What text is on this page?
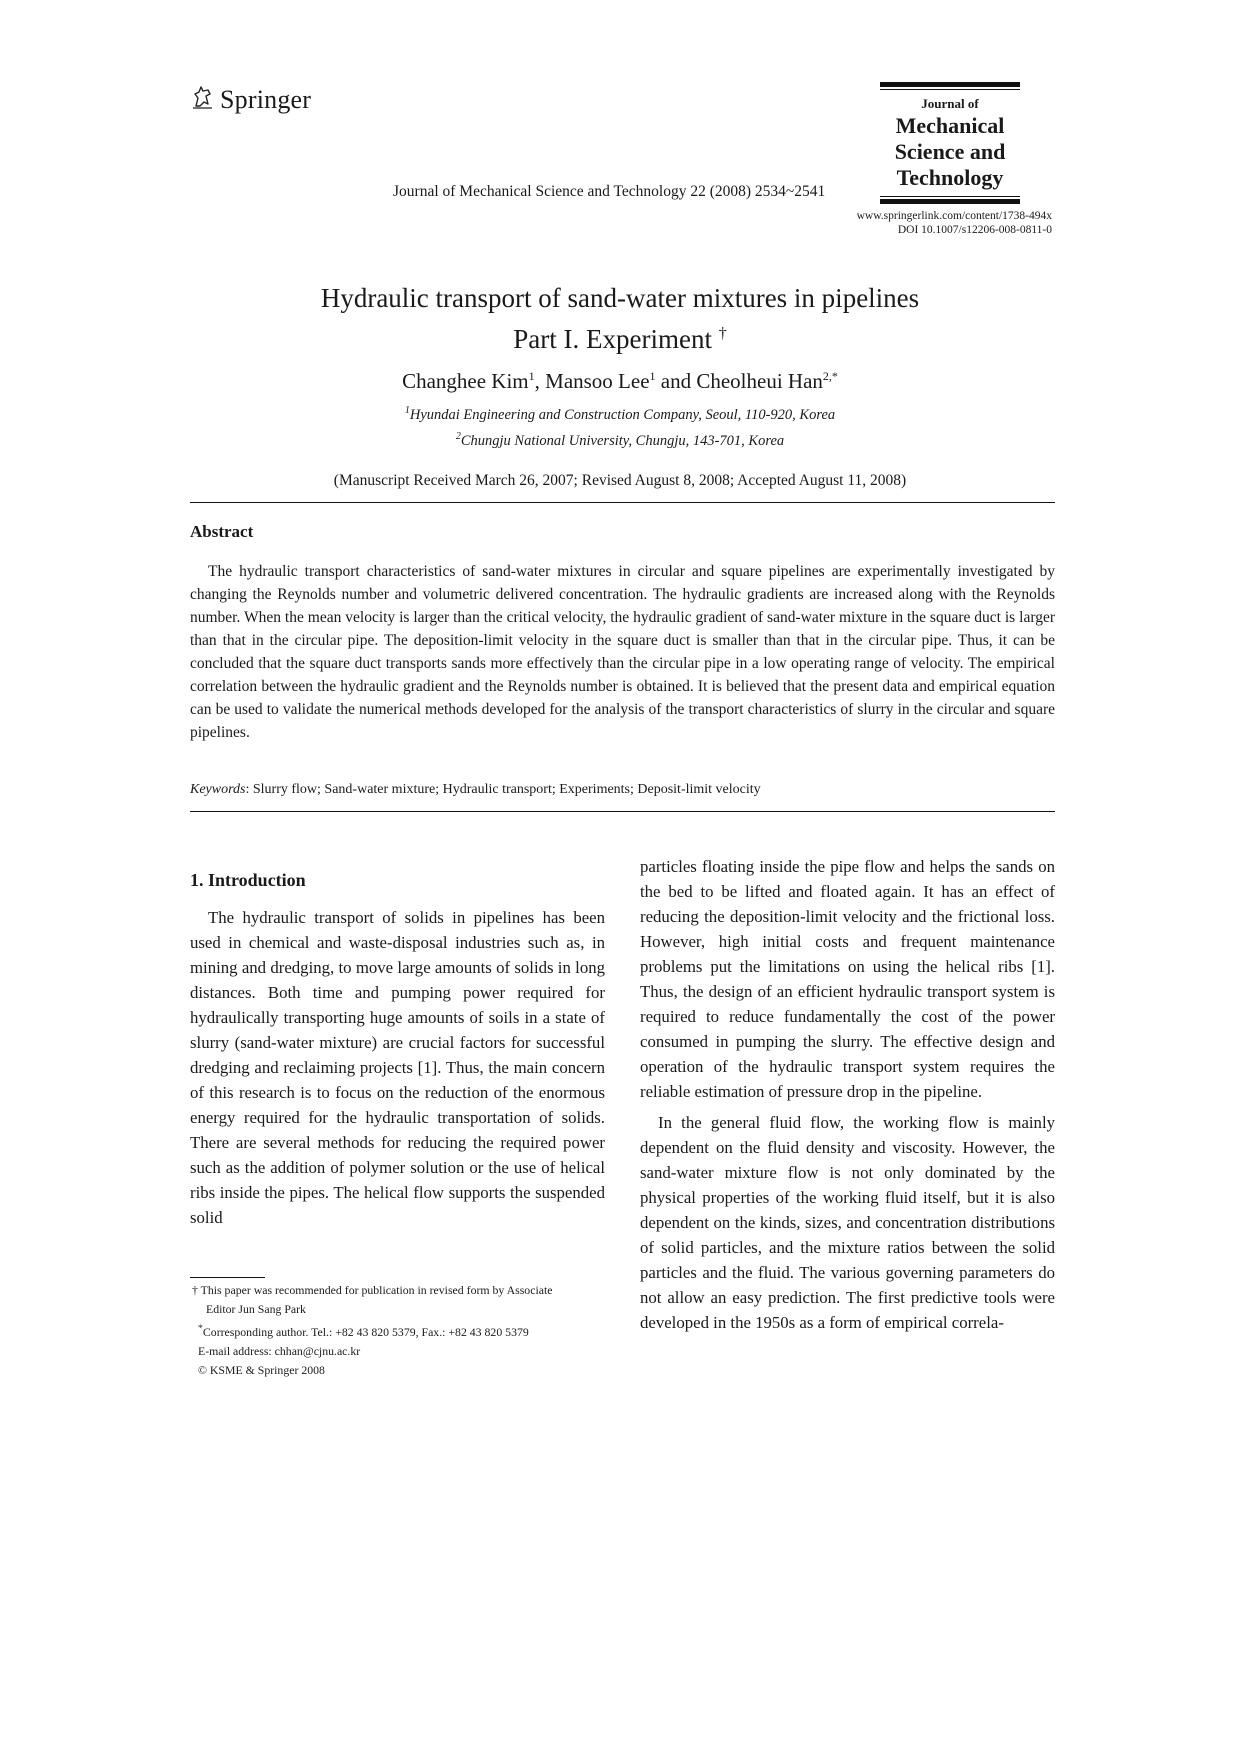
Springer
Journal of Mechanical Science and Technology 22 (2008) 2534~2541
Journal of
Mechanical
Science and
Technology
www.springerlink.com/content/1738-494x
DOI 10.1007/s12206-008-0811-0
Hydraulic transport of sand-water mixtures in pipelines
Part I. Experiment †
Changhee Kim$^1$, Mansoo Lee$^1$ and Cheolheui Han$^{2,*}$
$^1$Hyundai Engineering and Construction Company, Seoul, 110-920, Korea
$^2$Chungju National University, Chungju, 143-701, Korea
(Manuscript Received March 26, 2007; Revised August 8, 2008; Accepted August 11, 2008)
Abstract
The hydraulic transport characteristics of sand-water mixtures in circular and square pipelines are experimentally investigated by changing the Reynolds number and volumetric delivered concentration. The hydraulic gradients are increased along with the Reynolds number. When the mean velocity is larger than the critical velocity, the hydraulic gradient of sand-water mixture in the square duct is larger than that in the circular pipe. The deposition-limit velocity in the square duct is smaller than that in the circular pipe. Thus, it can be concluded that the square duct transports sands more effectively than the circular pipe in a low operating range of velocity. The empirical correlation between the hydraulic gradient and the Reynolds number is obtained. It is believed that the present data and empirical equation can be used to validate the numerical methods developed for the analysis of the transport characteristics of slurry in the circular and square pipelines.
Keywords: Slurry flow; Sand-water mixture; Hydraulic transport; Experiments; Deposit-limit velocity
1. Introduction

The hydraulic transport of solids in pipelines has been used in chemical and waste-disposal industries such as, in mining and dredging, to move large amounts of solids in long distances. Both time and pumping power required for hydraulically transporting huge amounts of soils in a state of slurry (sand-water mixture) are crucial factors for successful dredging and reclaiming projects [1]. Thus, the main concern of this research is to focus on the reduction of the enormous energy required for the hydraulic transportation of solids. There are several methods for reducing the required power such as the addition of polymer solution or the use of helical ribs inside the pipes. The helical flow supports the suspended solid

particles floating inside the pipe flow and helps the sands on the bed to be lifted and floated again. It has an effect of reducing the deposition-limit velocity and the frictional loss. However, high initial costs and frequent maintenance problems put the limitations on using the helical ribs [1]. Thus, the design of an efficient hydraulic transport system is required to reduce fundamentally the cost of the power consumed in pumping the slurry. The effective design and operation of the hydraulic transport system requires the reliable estimation of pressure drop in the pipeline.

In the general fluid flow, the working flow is mainly dependent on the fluid density and viscosity. However, the sand-water mixture flow is not only dominated by the physical properties of the working fluid itself, but it is also dependent on the kinds, sizes, and concentration distributions of solid particles, and the mixture ratios between the solid particles and the fluid. The various governing parameters do not allow an easy prediction. The first predictive tools were developed in the 1950s as a form of empirical correla-

† This paper was recommended for publication in revised form by Associate
Editor Jun Sang Park
*Corresponding author. Tel.: +82 43 820 5379, Fax.: +82 43 820 5379
E-mail address: chhan@cjnu.ac.kr
© KSME & Springer 2008
